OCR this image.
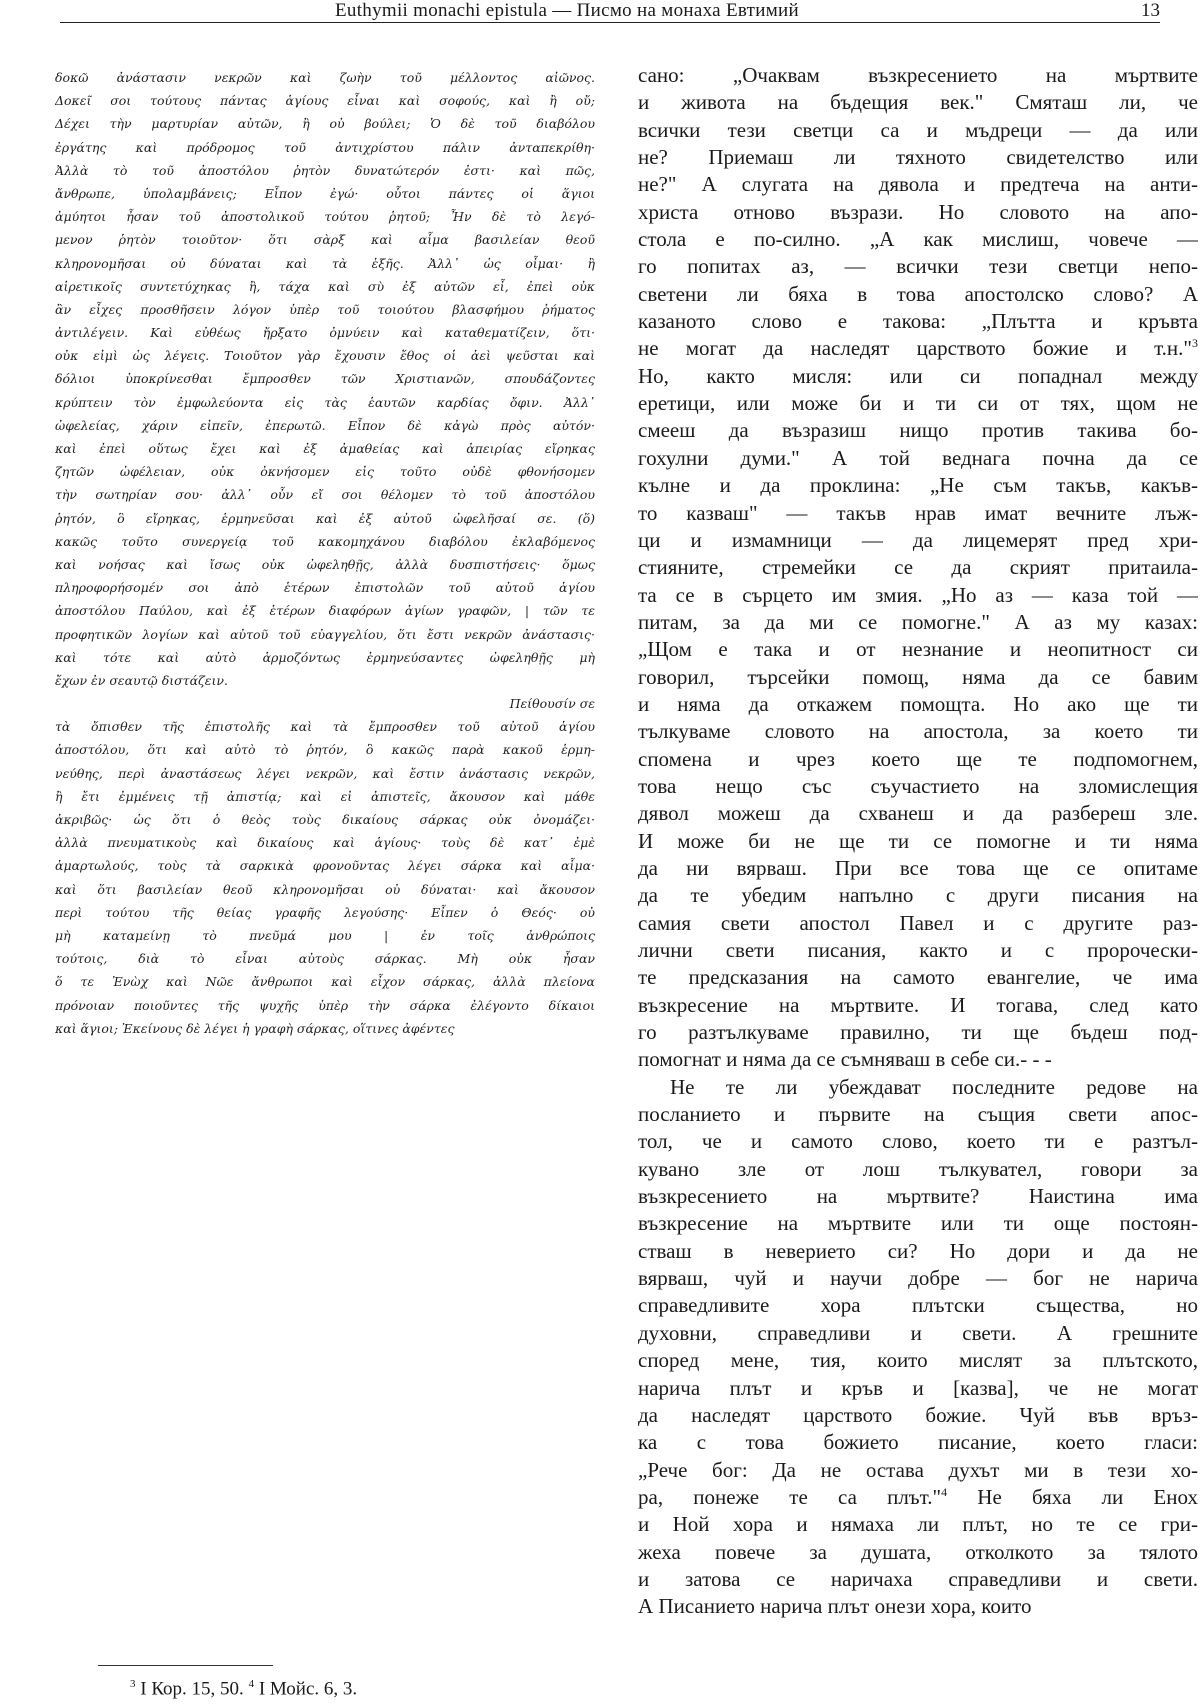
Euthymii monachi epistula — Писмо на монаха Евтимий	13
δοκῶ ἀνάστασιν νεκρῶν καὶ ζωὴν τοῦ μέλλοντος αἰῶνος.
Δοκεῖ σοι τούτους πάντας ἁγίους εἶναι καὶ σοφούς, καὶ ἢ οὔ;
Δέχει τὴν μαρτυρίαν αὐτῶν, ἢ οὐ βούλει; Ὁ δὲ τοῦ διαβόλου
ἐργάτης καὶ πρόδρομος τοῦ ἀντιχρίστου πάλιν ἀνταπεκρίθη·
Ἀλλὰ τὸ τοῦ ἀποστόλου ῥητὸν δυνατώτερόν ἐστι· καὶ πῶς,
ἄνθρωπε, ὑπολαμβάνεις; Εἶπον ἐγώ· οὗτοι πάντες οἱ ἅγιοι
ἀμύητοι ἦσαν τοῦ ἀποστολικοῦ τούτου ῥητοῦ; Ἦν δὲ τὸ λεγό-
μενον ῥητὸν τοιοῦτον· ὅτι σὰρξ καὶ αἷμα βασιλείαν θεοῦ
κληρονομῆσαι οὐ δύναται καὶ τὰ ἑξῆς. Ἀλλ᾽ ὡς οἶμαι· ἢ
αἱρετικοῖς συντετύχηκας ἢ, τάχα καὶ σὺ ἐξ αὐτῶν εἶ, ἐπεὶ οὐκ
ἂν εἶχες προσθῆσειν λόγον ὑπὲρ τοῦ τοιούτου βλασφήμου ῥήματος
ἀντιλέγειν. Καὶ εὐθέως ἤρξατο ὀμνύειν καὶ καταθεματίζειν, ὅτι·
οὐκ εἰμὶ ὡς λέγεις. Τοιοῦτον γὰρ ἔχουσιν ἔθος οἱ ἀεὶ ψεῦσται καὶ
δόλιοι ὑποκρίνεσθαι ἔμπροσθεν τῶν Χριστιανῶν, σπουδάζοντες
κρύπτειν τὸν ἐμφωλεύοντα εἰς τὰς ἑαυτῶν καρδίας ὄφιν. Ἀλλ᾽
ὠφελείας, χάριν εἰπεῖν, ἐπερωτῶ. Εἶπον δὲ κἀγὼ πρὸς αὐτόν·
καὶ ἐπεὶ οὕτως ἔχει καὶ ἐξ ἀμαθείας καὶ ἀπειρίας εἴρηκας
ζητῶν ὠφέλειαν, οὐκ ὀκνήσομεν εἰς τοῦτο οὐδὲ φθονήσομεν
τὴν σωτηρίαν σου· ἀλλ᾽ οὖν εἴ σοι θέλομεν τὸ τοῦ ἀποστόλου
ῥητόν, ὃ εἴρηκας, ἑρμηνεῦσαι καὶ ἐξ αὐτοῦ ὠφελῆσαί σε. (ὅ)
κακῶς τοῦτο συνεργείᾳ τοῦ κακομηχάνου διαβόλου ἐκλαβόμενος
καὶ νοήσας καὶ ἴσως οὐκ ὠφεληθῇς, ἀλλὰ δυσπιστήσεις· ὅμως
πληροφορήσομέν σοι ἀπὸ ἑτέρων ἐπιστολῶν τοῦ αὐτοῦ ἁγίου
ἀποστόλου Παύλου, καὶ ἐξ ἑτέρων διαφόρων ἁγίων γραφῶν, | τῶν τε
προφητικῶν λογίων καὶ αὐτοῦ τοῦ εὐαγγελίου, ὅτι ἔστι νεκρῶν ἀνάστασις·
καὶ τότε καὶ αὐτὸ ἁρμοζόντως ἑρμηνεύσαντες ὠφεληθῇς μὴ
ἔχων ἐν σεαυτῷ διστάζειν.
Πείθουσίν σε
τὰ ὄπισθεν τῆς ἐπιστολῆς καὶ τὰ ἔμπροσθεν τοῦ αὐτοῦ ἁγίου
ἀποστόλου, ὅτι καὶ αὐτὸ τὸ ῥητόν, ὃ κακῶς παρὰ κακοῦ ἑρμη-
νεύθης, περὶ ἀναστάσεως λέγει νεκρῶν, καὶ ἔστιν ἀνάστασις νεκρῶν,
ἢ ἔτι ἐμμένεις τῇ ἀπιστίᾳ; καὶ εἰ ἀπιστεῖς, ἄκουσον καὶ μάθε
ἀκριβῶς· ὡς ὅτι ὁ θεὸς τοὺς δικαίους σάρκας οὐκ ὀνομάζει·
ἀλλὰ πνευματικοὺς καὶ δικαίους καὶ ἁγίους· τοὺς δὲ κατ᾽ ἐμὲ
ἁμαρτωλούς, τοὺς τὰ σαρκικὰ φρονοῦντας λέγει σάρκα καὶ αἷμα·
καὶ ὅτι βασιλείαν θεοῦ κληρονομῆσαι οὐ δύναται· καὶ ἄκουσον
περὶ τούτου τῆς θείας γραφῆς λεγούσης· Εἶπεν ὁ Θεός· οὐ
μὴ καταμείνῃ τὸ πνεῦμά μου | ἐν τοῖς ἀνθρώποις
τούτοις, διὰ τὸ εἶναι αὐτοὺς σάρκας. Μὴ οὐκ ἦσαν
ὅ τε Ἐνὼχ καὶ Νῶε ἄνθρωποι καὶ εἶχον σάρκας, ἀλλὰ πλείονα
πρόνοιαν ποιοῦντες τῆς ψυχῆς ὑπὲρ τὴν σάρκα ἐλέγοντο δίκαιοι
καὶ ἅγιοι; Ἐκείνους δὲ λέγει ἡ γραφὴ σάρκας, οἵτινες ἀφέντες
сано: „Очаквам възкресението на мъртвите
и живота на бъдещия век." Смяташ ли, че
всички тези светци са и мъдреци — да или
не? Приемаш ли тяхното свидетелство или
не?" А слугата на дявола и предтеча на анти-
христа отново възрази. Но словото на апо-
стола е по-силно. „А как мислиш, човече —
го попитах аз, — всички тези светци непо-
светени ли бяха в това апостолско слово? А
казаното слово е такова: „Плътта и кръвта
не могат да наследят царството божие и т.н."$^3$
Но, както мисля: или си попаднал между
еретици, или може би и ти си от тях, щом не
смееш да възразиш нищо против такива бо-
гохулни думи." А той веднага почна да се
кълне и да проклина: „Не съм такъв, какъв-
то казваш" — такъв нрав имат вечните лъж-
ци и измамници — да лицемерят пред хри-
стияните, стремейки се да скрият притаила-
та се в сърцето им змия. „Но аз — каза той —
питам, за да ми се помогне." А аз му казах:
„Щом е така и от незнание и неопитност си
говорил, търсейки помощ, няма да се бавим
и няма да откажем помощта. Но ако ще ти
тълкуваме словото на апостола, за което ти
спомена и чрез което ще те подпомогнем,
това нещо със съучастието на зломислещия
дявол можеш да схванеш и да разбереш зле.
И може би не ще ти се помогне и ти няма
да ни вярваш. При все това ще се опитаме
да те убедим напълно с други писания на
самия свети апостол Павел и с другите раз-
лични свети писания, както и с пророчески-
те предсказания на самото евангелие, че има
възкресение на мъртвите. И тогава, след като
го разтълкуваме правилно, ти ще бъдеш под-
помогнат и няма да се съмняваш в себе си.- - -
Не те ли убеждават последните редове на
посланието и първите на същия свети апос-
тол, че и самото слово, което ти е разтъл-
кувано зле от лош тълкувател, говори за
възкресението на мъртвите? Наистина има
възкресение на мъртвите или ти още постоян-
стваш в неверието си? Но дори и да не
вярваш, чуй и научи добре — бог не нарича
справедливите хора плътски същества, но
духовни, справедливи и свети. А грешните
според мене, тия, които мислят за плътското,
нарича плът и кръв и [казва], че не могат
да наследят царството божие. Чуй във връз-
ка с това божието писание, което гласи:
„Рече бог: Да не остава духът ми в тези хо-
ра, понеже те са плът."$^4$ Не бяха ли Енох
и Ной хора и нямаха ли плът, но те се гри-
жеха повече за душата, отколкото за тялото
и затова се наричаха справедливи и свети.
А Писанието нарича плът онези хора, които
$^3$ I Кор. 15, 50. $^4$ I Мойс. 6, 3.
